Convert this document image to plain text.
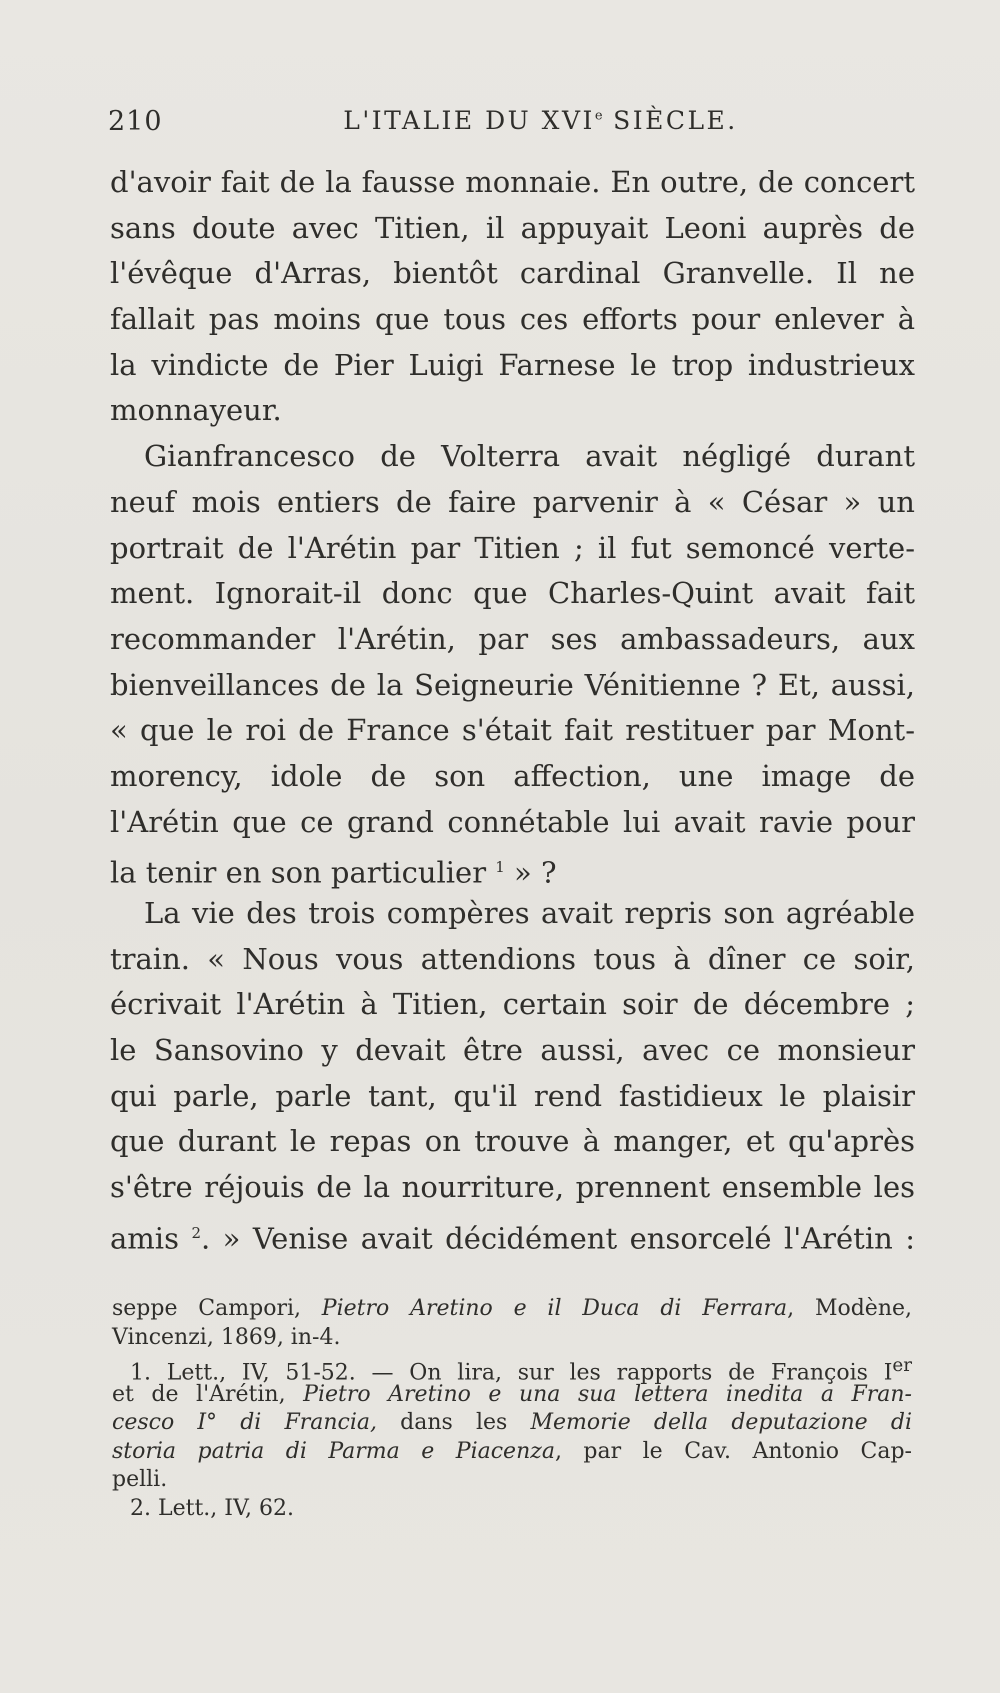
210	L'ITALIE DU XVIe SIÈCLE.
d'avoir fait de la fausse monnaie. En outre, de concert
sans doute avec Titien, il appuyait Leoni auprès de
l'évêque d'Arras, bientôt cardinal Granvelle. Il ne
fallait pas moins que tous ces efforts pour enlever à
la vindicte de Pier Luigi Farnese le trop industrieux
monnayeur.
Gianfrancesco de Volterra avait négligé durant
neuf mois entiers de faire parvenir à « César » un
portrait de l'Arétin par Titien ; il fut semoncé verte-
ment. Ignorait-il donc que Charles-Quint avait fait
recommander l'Arétin, par ses ambassadeurs, aux
bienveillances de la Seigneurie Vénitienne ? Et, aussi,
« que le roi de France s'était fait restituer par Mont-
morency, idole de son affection, une image de
l'Arétin que ce grand connétable lui avait ravie pour
la tenir en son particulier $^1$ » ?
La vie des trois compères avait repris son agréable
train. « Nous vous attendions tous à dîner ce soir,
écrivait l'Arétin à Titien, certain soir de décembre ;
le Sansovino y devait être aussi, avec ce monsieur
qui parle, parle tant, qu'il rend fastidieux le plaisir
que durant le repas on trouve à manger, et qu'après
s'être réjouis de la nourriture, prennent ensemble les
amis $^2$. » Venise avait décidément ensorcelé l'Arétin :
seppe Campori, Pietro Aretino e il Duca di Ferrara, Modène,
Vincenzi, 1869, in-4.
1. Lett., IV, 51-52. — On lira, sur les rapports de François Ier
et de l'Arétin, Pietro Aretino e una sua lettera inedita a Fran-
cesco I° di Francia, dans les Memorie della deputazione di
storia patria di Parma e Piacenza, par le Cav. Antonio Cap-
pelli.
2. Lett., IV, 62.
